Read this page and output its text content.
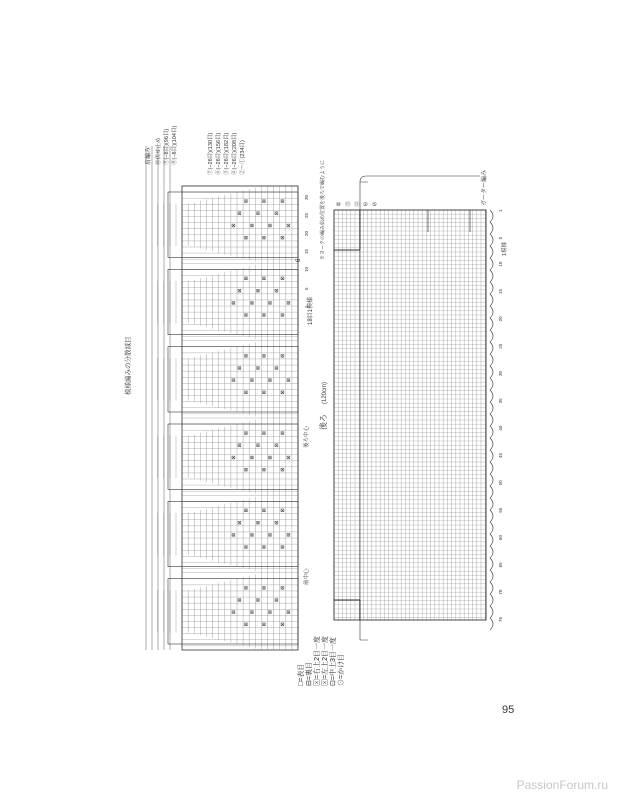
⊠
⊠
⊠
⊠
⊠
⊠
⊠
⊠
⊠
⊠
⊠
⊠
⊠
⊠
⊠
⊠
⊠
⊠
⊠
⊠
⊠
⊠
⊠
⊠
⊠
⊠
⊠
⊠
⊠
⊠
⊠
⊠
⊠
⊠
⊠
⊠
⊠
⊠
⊠
⊠
⊠
⊠
⊠
⊠
⊠
⊠
⊠
⊠
⊠
⊠
⊠
⊠
⊠
⊠
⊠
⊠
⊠
⊠
⊠
⊠
⊠
⊠
⊠
⊠
⊠
⊠
⊠
⊠
⊠
⊠
⊠
⊠
⊠
⊠
⊠
⊠
⊠
⊠
肩編み ⑩伏せ止め ⑨(−8目)(96目) ⑧(−8目)(104目)	⑦(−26目)(130目) ⑥(−26目)(156目) ⑤(−26目)(182目) ④(−26目)(208目) ②〜①(234目)
模様編みの分散減目
18目1模様
後ろ中心
前中心
6
30
25
20
15
10
5
1
後ろ
(120cm)
※ヨークの編み始め位置を後ろで編むように	ガーター編み
1模様
76
70
65
60
55
50
45
40
35
30
25
20
15
10
5
1
⑩ ⑮ ⑪ ② ⑤
□=表目
⊟=裏目
⊠=右上2目一度
⊠=左上2目一度
⊡=中上3目一度
⊙=かけ目
95
PassionForum.ru
